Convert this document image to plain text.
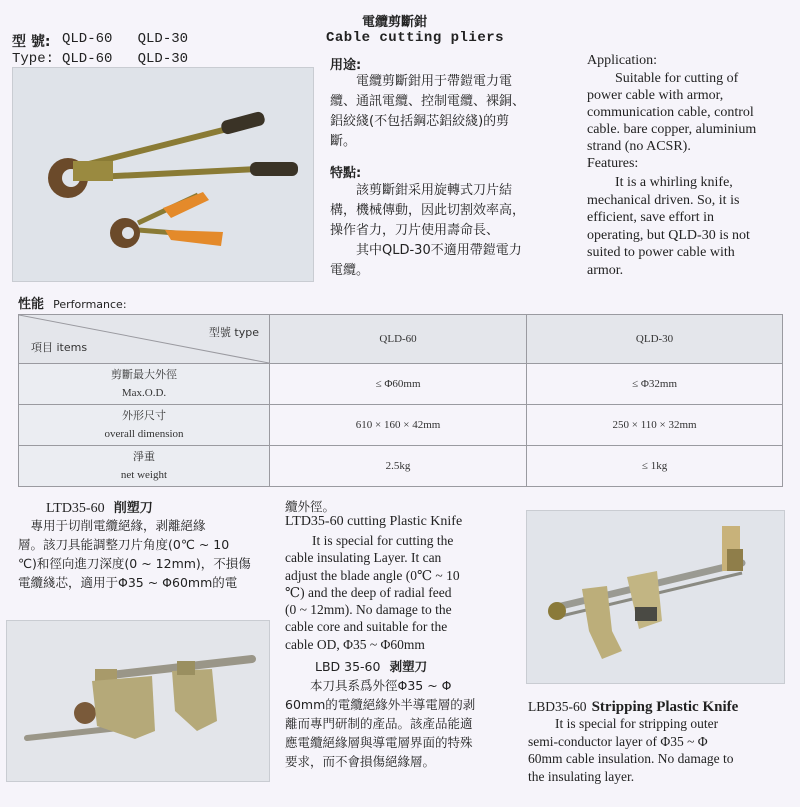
型 號: QLD-60   QLD-30
Type: QLD-60   QLD-30
電纜剪斷鉗
Cable cutting pliers
用途:
　　電纜剪斷鉗用于帶鎧電力電
纜、通訊電纜、控制電纜、裸銅、
鋁絞綫(不包括鋼芯鋁絞綫)的剪
斷。
特點:
　　該剪斷鉗采用旋轉式刀片結
構，機械傳動，因此切割效率高，
操作省力，刀片使用壽命長、
　　其中QLD-30不適用帶鎧電力
電纜。
Application:
　　Suitable for cutting of
power cable with armor,
communication cable, control
cable. bare copper, aluminium
strand (no ACSR).
Features:
　　It is a whirling knife,
mechanical driven. So, it is
efficient, save effort in
operating, but QLD-30 is not
suited to power cable with
armor.
性能 Performance:
型號 type
項目 items	QLD-60	QLD-30

剪斷最大外徑
Max.O.D.	≤ Φ60mm	≤ Φ32mm

外形尺寸
overall dimension	610 × 160 × 42mm	250 × 110 × 32mm

淨重
net weight	2.5kg	≤ 1kg
LTD35-60 削塑刀
　專用于切削電纜絕緣，剥離絕緣
層。該刀具能調整刀片角度(0℃ ~ 10
℃)和徑向進刀深度(0 ~ 12mm)，不損傷
電纜綫芯，適用于Φ35 ~ Φ60mm的電
纜外徑。
LTD35-60 cutting Plastic Knife
　　It is special for cutting the
cable insulating Layer. It can
adjust the blade angle (0℃ ~ 10
℃) and the deep of radial feed
(0 ~ 12mm). No damage to the
cable core and suitable for the
cable OD, Φ35 ~ Φ60mm
LBD 35-60 剥塑刀
　　本刀具系爲外徑Φ35 ~ Φ
60mm的電纜絕緣外半導電層的剥
離而專門研制的產品。該產品能適
應電纜絕緣層與導電層界面的特殊
要求，而不會損傷絕緣層。
LBD35-60 Stripping Plastic Knife
　　It is special for stripping outer
semi-conductor layer of Φ35 ~ Φ
60mm cable insulation. No damage to
the insulating layer.
